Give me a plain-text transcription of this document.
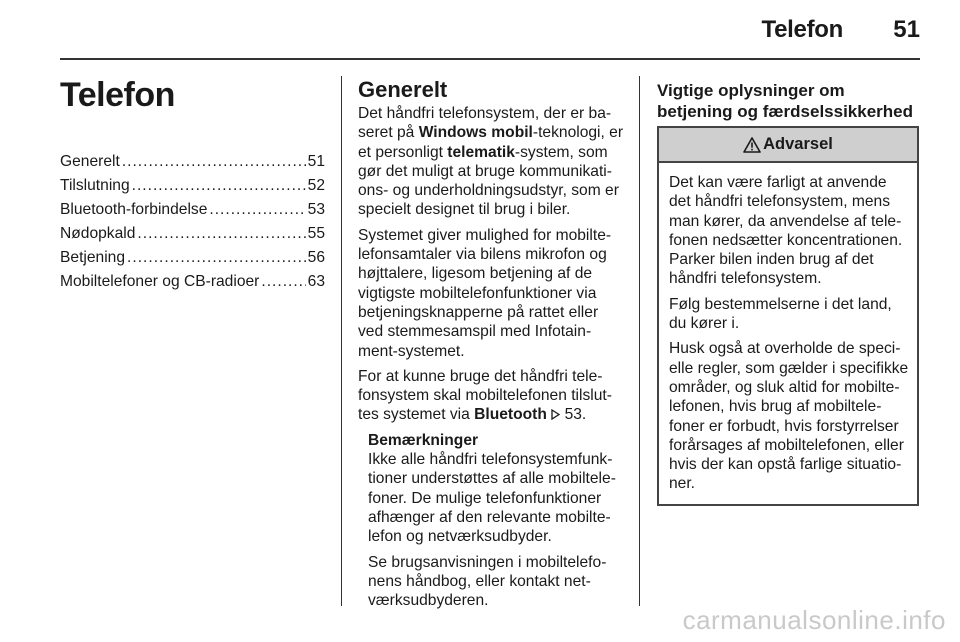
Telefon 51
Telefon
Generelt .....	51
Tilslutning .....	52
Bluetooth-forbindelse .....	53
Nødopkald .....	55
Betjening .....	56
Mobiltelefoner og CB-radioer .....	63
Generelt

Det håndfri telefonsystem, der er baseret på Windows mobil-teknologi, er et personligt telematik-system, som gør det muligt at bruge kommunikations- og underholdningsudstyr, som er specielt designet til brug i biler.

Systemet giver mulighed for mobiltelefonsamtaler via bilens mikrofon og højttalere, ligesom betjening af de vigtigste mobiltelefonfunktioner via betjeningsknapperne på rattet eller ved stemmesamspil med Infotainment-systemet.

For at kunne bruge det håndfri telefonsystem skal mobiltelefonen tilsluttes systemet via Bluetooth 53.

Bemærkninger

Ikke alle håndfri telefonsystemfunktioner understøttes af alle mobiltelefoner. De mulige telefonfunktioner afhænger af den relevante mobiltelefon og netværksudbyder.

Se brugsanvisningen i mobiltelefonens håndbog, eller kontakt netværksudbyderen.

Vigtige oplysninger om betjening og færdselssikkerhed
Advarsel

Det kan være farligt at anvende det håndfri telefonsystem, mens man kører, da anvendelse af telefonen nedsætter koncentrationen. Parker bilen inden brug af det håndfri telefonsystem.

Følg bestemmelserne i det land, du kører i.

Husk også at overholde de specielle regler, som gælder i specifikke områder, og sluk altid for mobiltelefonen, hvis brug af mobiltelefoner er forbudt, hvis forstyrrelser forårsages af mobiltelefonen, eller hvis der kan opstå farlige situationer.

carmanualsonline.info
